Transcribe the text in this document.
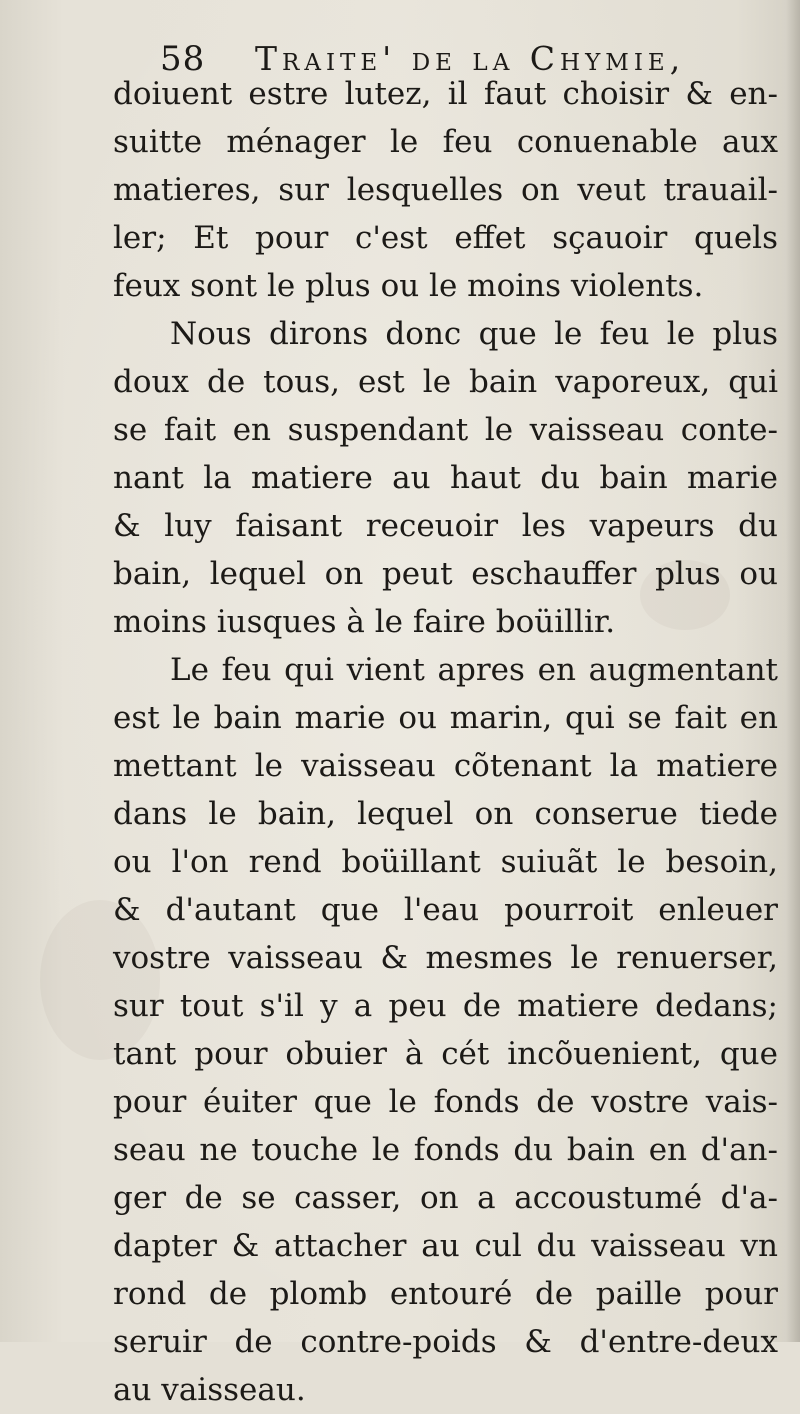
58 Traite' de la Chymie,
doiuent estre lutez, il faut choisir & en-
suitte ménager le feu conuenable aux
matieres, sur lesquelles on veut trauail-
ler; Et pour c'est effet sçauoir quels
feux sont le plus ou le moins violents.
Nous dirons donc que le feu le plus
doux de tous, est le bain vaporeux, qui
se fait en suspendant le vaisseau conte-
nant la matiere au haut du bain marie
& luy faisant receuoir les vapeurs du
bain, lequel on peut eschauffer plus ou
moins iusques à le faire boüillir.
Le feu qui vient apres en augmentant
est le bain marie ou marin, qui se fait en
mettant le vaisseau cõtenant la matiere
dans le bain, lequel on conserue tiede
ou l'on rend boüillant suiuãt le besoin,
& d'autant que l'eau pourroit enleuer
vostre vaisseau & mesmes le renuerser,
sur tout s'il y a peu de matiere dedans;
tant pour obuier à cét incõuenient, que
pour éuiter que le fonds de vostre vais-
seau ne touche le fonds du bain en d'an-
ger de se casser, on a accoustumé d'a-
dapter & attacher au cul du vaisseau vn
rond de plomb entouré de paille pour
seruir de contre-poids & d'entre-deux
au vaisseau.
